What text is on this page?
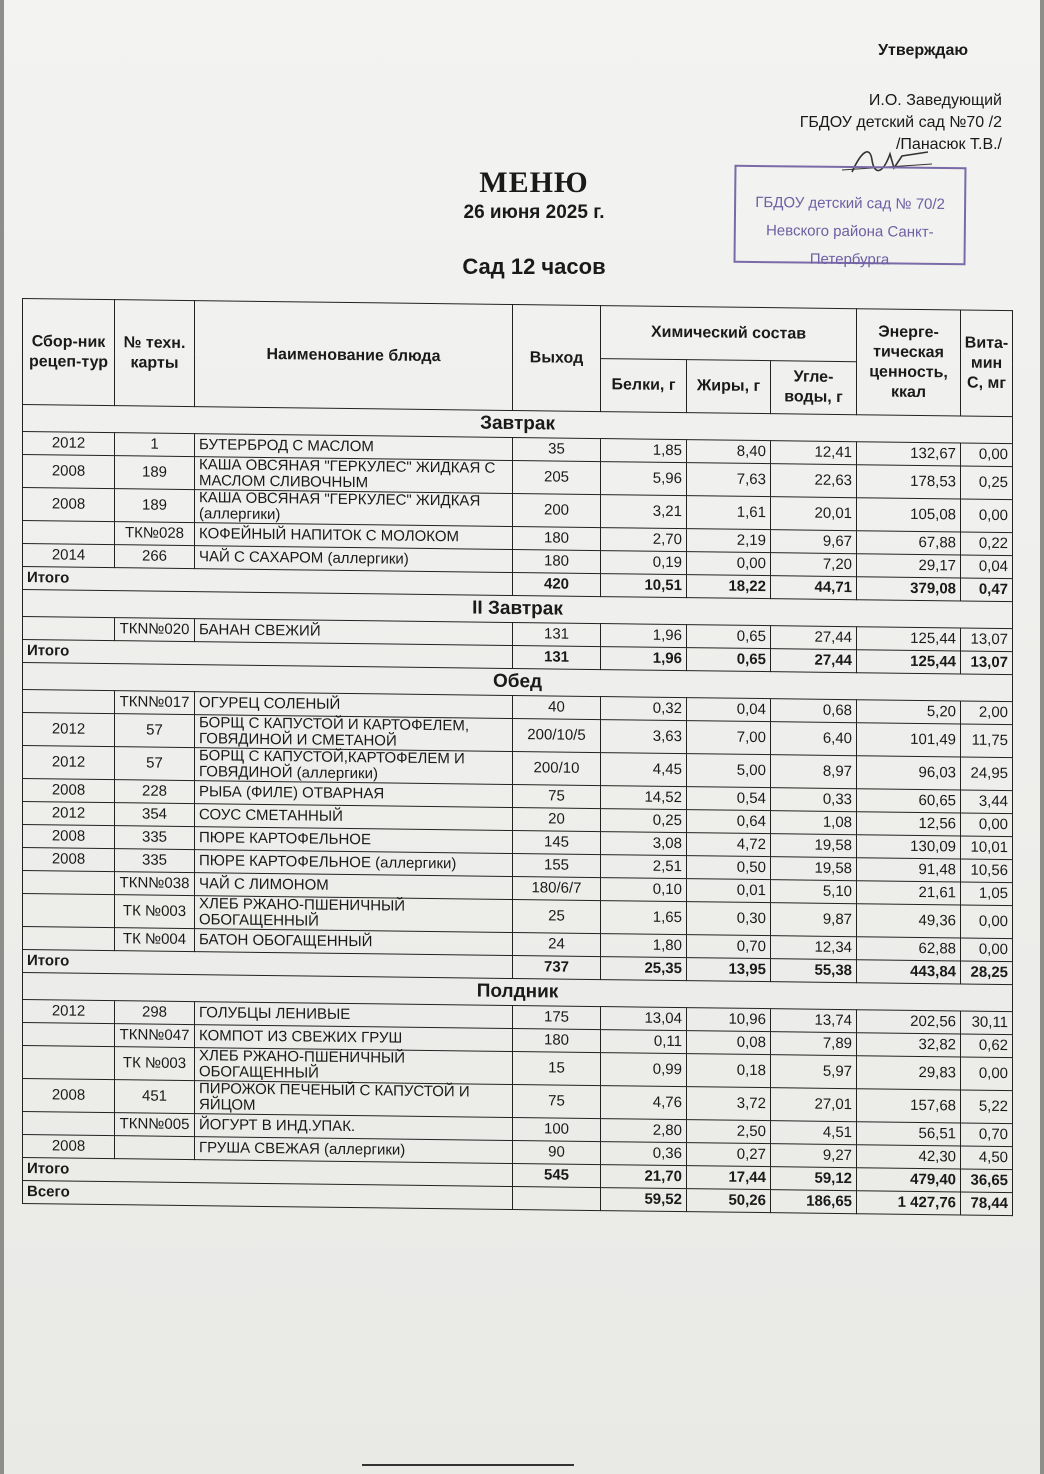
Утверждаю
И.О. Заведующий
ГБДОУ детский сад №70 /2
/Панасюк Т.В./
ГБДОУ детский сад № 70/2
Невского района Санкт-Петербурга
МЕНЮ
26 июня 2025 г.
Сад 12 часов
Сбор-ник рецеп-тур	№ техн. карты	Наименование блюда	Выход	Химический состав			Энерге-тическая ценность, ккал	Вита-мин С, мг
				Белки, г	Жиры, г	Угле-воды, г		
Завтрак								
2012	1	БУТЕРБРОД С МАСЛОМ	35	1,85	8,40	12,41	132,67	0,00
2008	189	КАША ОВСЯНАЯ "ГЕРКУЛЕС" ЖИДКАЯ С МАСЛОМ СЛИВОЧНЫМ	205	5,96	7,63	22,63	178,53	0,25
2008	189	КАША ОВСЯНАЯ "ГЕРКУЛЕС" ЖИДКАЯ (аллергики)	200	3,21	1,61	20,01	105,08	0,00
	ТК№028	КОФЕЙНЫЙ НАПИТОК С МОЛОКОМ	180	2,70	2,19	9,67	67,88	0,22
2014	266	ЧАЙ С САХАРОМ (аллергики)	180	0,19	0,00	7,20	29,17	0,04
Итого			420	10,51	18,22	44,71	379,08	0,47
II Завтрак								
	ТКN№020	БАНАН СВЕЖИЙ	131	1,96	0,65	27,44	125,44	13,07
Итого			131	1,96	0,65	27,44	125,44	13,07
Обед								
	ТКN№017	ОГУРЕЦ СОЛЕНЫЙ	40	0,32	0,04	0,68	5,20	2,00
2012	57	БОРЩ С КАПУСТОЙ И КАРТОФЕЛЕМ, ГОВЯДИНОЙ И СМЕТАНОЙ	200/10/5	3,63	7,00	6,40	101,49	11,75
2012	57	БОРЩ С КАПУСТОЙ,КАРТОФЕЛЕМ И ГОВЯДИНОЙ (аллергики)	200/10	4,45	5,00	8,97	96,03	24,95
2008	228	РЫБА (ФИЛЕ) ОТВАРНАЯ	75	14,52	0,54	0,33	60,65	3,44
2012	354	СОУС СМЕТАННЫЙ	20	0,25	0,64	1,08	12,56	0,00
2008	335	ПЮРЕ КАРТОФЕЛЬНОЕ	145	3,08	4,72	19,58	130,09	10,01
2008	335	ПЮРЕ КАРТОФЕЛЬНОЕ (аллергики)	155	2,51	0,50	19,58	91,48	10,56
	ТКN№038	ЧАЙ С ЛИМОНОМ	180/6/7	0,10	0,01	5,10	21,61	1,05
	ТК №003	ХЛЕБ РЖАНО-ПШЕНИЧНЫЙ ОБОГАЩЕННЫЙ	25	1,65	0,30	9,87	49,36	0,00
	ТК №004	БАТОН ОБОГАЩЕННЫЙ	24	1,80	0,70	12,34	62,88	0,00
Итого			737	25,35	13,95	55,38	443,84	28,25
Полдник								
2012	298	ГОЛУБЦЫ ЛЕНИВЫЕ	175	13,04	10,96	13,74	202,56	30,11
	ТКN№047	КОМПОТ ИЗ СВЕЖИХ ГРУШ	180	0,11	0,08	7,89	32,82	0,62
	ТК №003	ХЛЕБ РЖАНО-ПШЕНИЧНЫЙ ОБОГАЩЕННЫЙ	15	0,99	0,18	5,97	29,83	0,00
2008	451	ПИРОЖОК ПЕЧЕНЫЙ С КАПУСТОЙ И ЯЙЦОМ	75	4,76	3,72	27,01	157,68	5,22
	ТКN№005	ЙОГУРТ В ИНД.УПАК.	100	2,80	2,50	4,51	56,51	0,70
2008		ГРУША СВЕЖАЯ (аллергики)	90	0,36	0,27	9,27	42,30	4,50
Итого			545	21,70	17,44	59,12	479,40	36,65
Всего				59,52	50,26	186,65	1 427,76	78,44
